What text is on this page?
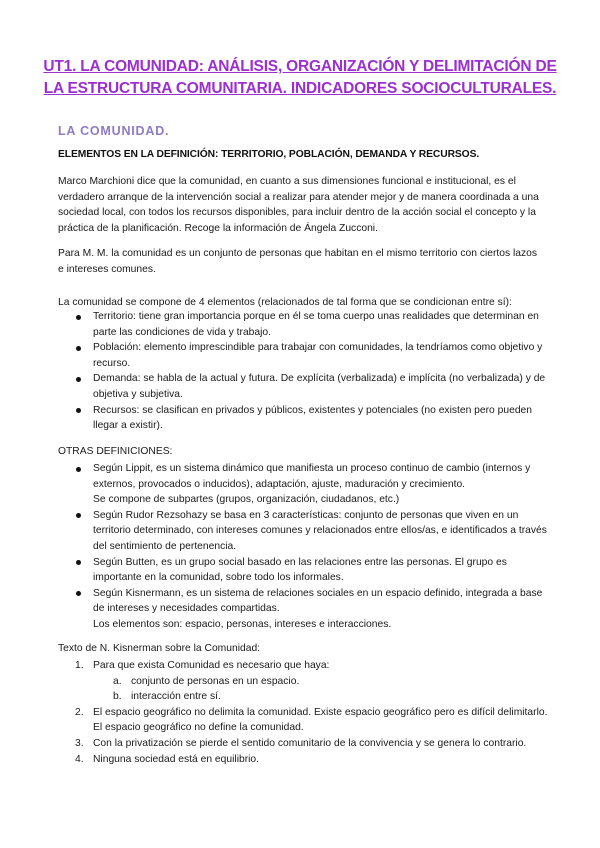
UT1. LA COMUNIDAD: ANÁLISIS, ORGANIZACIÓN Y DELIMITACIÓN DE LA ESTRUCTURA COMUNITARIA. INDICADORES SOCIOCULTURALES.
LA COMUNIDAD.
ELEMENTOS EN LA DEFINICIÓN: TERRITORIO, POBLACIÓN, DEMANDA Y RECURSOS.
Marco Marchioni dice que la comunidad, en cuanto a sus dimensiones funcional e institucional, es el verdadero arranque de la intervención social a realizar para atender mejor y de manera coordinada a una sociedad local, con todos los recursos disponibles, para incluir dentro de la acción social el concepto y la práctica de la planificación. Recoge la información de Ángela Zucconi.
Para M. M. la comunidad es un conjunto de personas que habitan en el mismo territorio con ciertos lazos e intereses comunes.
La comunidad se compone de 4 elementos (relacionados de tal forma que se condicionan entre sí):
Territorio: tiene gran importancia porque en él se toma cuerpo unas realidades que determinan en parte las condiciones de vida y trabajo.
Población: elemento imprescindible para trabajar con comunidades, la tendríamos como objetivo y recurso.
Demanda: se habla de la actual y futura. De explícita (verbalizada) e implícita (no verbalizada) y de objetiva y subjetiva.
Recursos: se clasifican en privados y públicos, existentes y potenciales (no existen pero pueden llegar a existir).
OTRAS DEFINICIONES:
Según Lippit, es un sistema dinámico que manifiesta un proceso continuo de cambio (internos y externos, provocados o inducidos), adaptación, ajuste, maduración y crecimiento.
Se compone de subpartes (grupos, organización, ciudadanos, etc.)
Según Rudor Rezsohazy se basa en 3 características: conjunto de personas que viven en un territorio determinado, con intereses comunes y relacionados entre ellos/as, e identificados a través del sentimiento de pertenencia.
Según Butten, es un grupo social basado en las relaciones entre las personas. El grupo es importante en la comunidad, sobre todo los informales.
Según Kisnermann, es un sistema de relaciones sociales en un espacio definido, integrada a base de intereses y necesidades compartidas.
Los elementos son: espacio, personas, intereses e interacciones.
Texto de N. Kisnerman sobre la Comunidad:
1. Para que exista Comunidad es necesario que haya:
a. conjunto de personas en un espacio.
b. interacción entre sí.
2. El espacio geográfico no delimita la comunidad. Existe espacio geográfico pero es difícil delimitarlo. El espacio geográfico no define la comunidad.
3. Con la privatización se pierde el sentido comunitario de la convivencia y se genera lo contrario.
4. Ninguna sociedad está en equilibrio.
